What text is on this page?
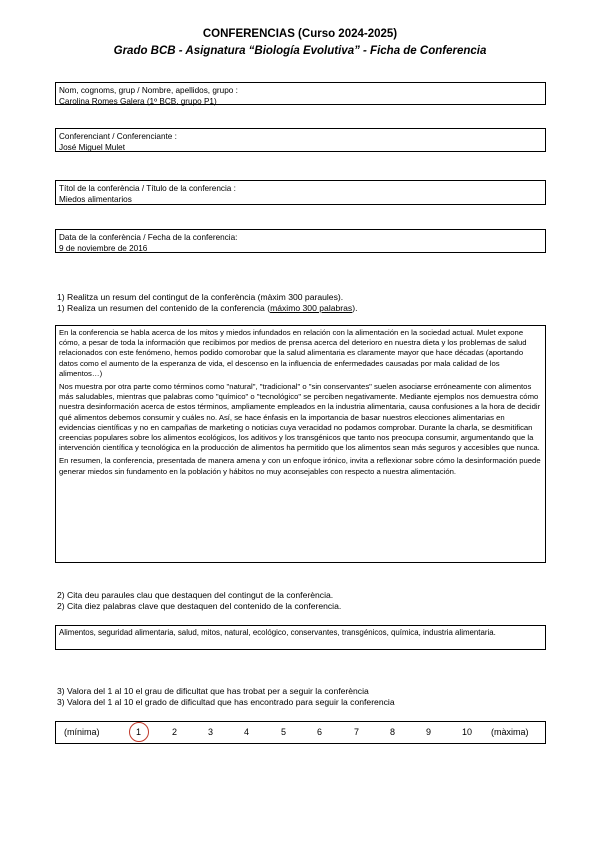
CONFERENCIAS (Curso 2024-2025)
Grado BCB - Asignatura “Biología Evolutiva” - Ficha de Conferencia
Nom, cognoms, grup / Nombre, apellidos, grupo :
Carolina Romes Galera (1º BCB, grupo P1)
Conferenciant / Conferenciante :
José Miguel Mulet
Títol de la conferència / Título de la conferencia :
Miedos alimentarios
Data de la conferència / Fecha de la conferencia:
9 de noviembre de 2016
1) Realitza un resum del contingut de la conferència (màxim 300 paraules).
1) Realiza un resumen del contenido de la conferencia (máximo 300 palabras).

En la conferencia se habla acerca de los mitos y miedos infundados en relación con la alimentación en la sociedad actual. Mulet expone cómo, a pesar de toda la información que recibimos por medios de prensa acerca del deterioro en nuestra dieta y los problemas de salud relacionados con este fenómeno, hemos podido comorobar que la salud alimentaria es claramente mayor que hace décadas (aportando datos como el aumento de la esperanza de vida, el descenso en la influencia de enfermedades causadas por mala calidad de los alimentos…)

Nos muestra por otra parte como términos como "natural", "tradicional" o "sin conservantes" suelen asociarse erróneamente con alimentos más saludables, mientras que palabras como "químico" o "tecnológico" se perciben negativamente. Mediante ejemplos nos demuestra cómo nuestra desinformación acerca de estos términos, ampliamente empleados en la industria alimentaria, causa confusiones a la hora de decidir qué alimentos debemos consumir y cuáles no. Así, se hace énfasis en la importancia de basar nuestros elecciones alimentarias en evidencias científicas y no en campañas de marketing o noticias cuya veracidad no podamos comprobar. Durante la charla, se desmitifican creencias populares sobre los alimentos ecológicos, los aditivos y los transgénicos que tanto nos preocupa consumir, argumentando que la intervención científica y tecnológica en la producción de alimentos ha permitido que los alimentos sean más seguros y accesibles que nunca.

En resumen, la conferencia, presentada de manera amena y con un enfoque irónico, invita a reflexionar sobre cómo la desinformación puede generar miedos sin fundamento en la población y hábitos no muy aconsejables con respecto a nuestra alimentación.

2) Cita deu paraules clau que destaquen del contingut de la conferència.
2) Cita diez palabras clave que destaquen del contenido de la conferencia.
Alimentos, seguridad alimentaria, salud, mitos, natural, ecológico, conservantes, transgénicos, química, industria alimentaria.
3) Valora del 1 al 10 el grau de dificultat que has trobat per a seguir la conferència
3) Valora del 1 al 10 el grado de dificultad que has encontrado para seguir la conferencia
(mínima)	1	2	3	4	5	6	7	8	9	10 (màxima)
